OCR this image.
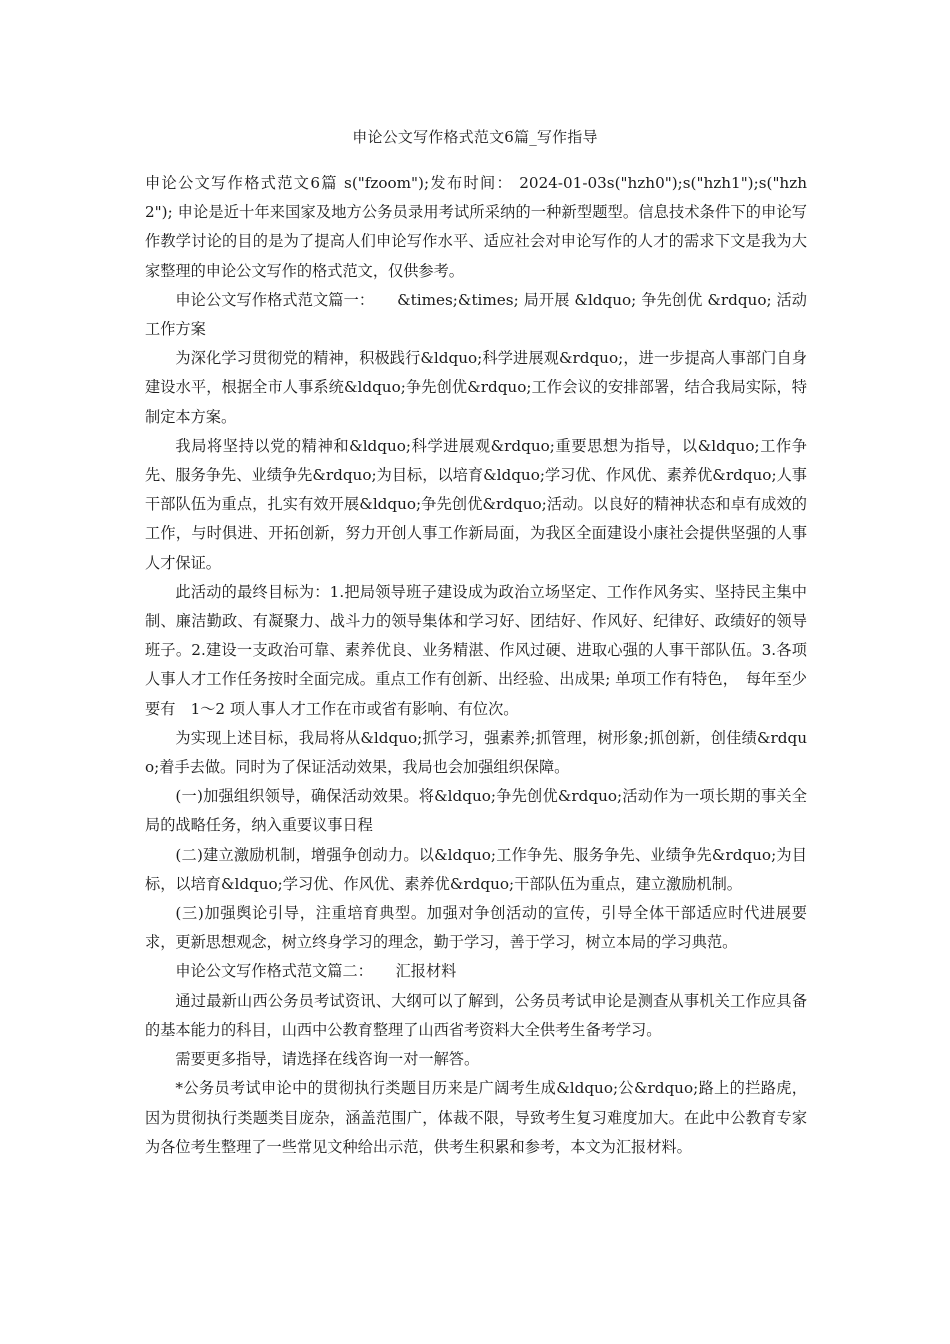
申论公文写作格式范文6篇_写作指导

申论公文写作格式范文6篇 s("fzoom");发布时间： 2024-01-03s("hzh0");s("hzh1");s("hzh2"); 申论是近十年来国家及地方公务员录用考试所采纳的一种新型题型。信息技术条件下的申论写作教学讨论的目的是为了提高人们申论写作水平、适应社会对申论写作的人才的需求下文是我为大家整理的申论公文写作的格式范文，仅供参考。

申论公文写作格式范文篇一：　　&times;&times; 局开展 &ldquo; 争先创优 &rdquo; 活动工作方案

为深化学习贯彻党的精神，积极践行&ldquo;科学进展观&rdquo;，进一步提高人事部门自身建设水平，根据全市人事系统&ldquo;争先创优&rdquo;工作会议的安排部署，结合我局实际，特制定本方案。

我局将坚持以党的精神和&ldquo;科学进展观&rdquo;重要思想为指导，以&ldquo;工作争先、服务争先、业绩争先&rdquo;为目标，以培育&ldquo;学习优、作风优、素养优&rdquo;人事干部队伍为重点，扎实有效开展&ldquo;争先创优&rdquo;活动。以良好的精神状态和卓有成效的工作，与时俱进、开拓创新，努力开创人事工作新局面，为我区全面建设小康社会提供坚强的人事人才保证。

此活动的最终目标为：1.把局领导班子建设成为政治立场坚定、工作作风务实、坚持民主集中制、廉洁勤政、有凝聚力、战斗力的领导集体和学习好、团结好、作风好、纪律好、政绩好的领导班子。2.建设一支政治可靠、素养优良、业务精湛、作风过硬、进取心强的人事干部队伍。3.各项人事人才工作任务按时全面完成。重点工作有创新、出经验、出成果; 单项工作有特色，　每年至少要有　1～2 项人事人才工作在市或省有影响、有位次。

为实现上述目标，我局将从&ldquo;抓学习，强素养;抓管理，树形象;抓创新，创佳绩&rdquo;着手去做。同时为了保证活动效果，我局也会加强组织保障。

(一)加强组织领导，确保活动效果。将&ldquo;争先创优&rdquo;活动作为一项长期的事关全局的战略任务，纳入重要议事日程

(二)建立激励机制，增强争创动力。以&ldquo;工作争先、服务争先、业绩争先&rdquo;为目标，以培育&ldquo;学习优、作风优、素养优&rdquo;干部队伍为重点，建立激励机制。

(三)加强舆论引导，注重培育典型。加强对争创活动的宣传，引导全体干部适应时代进展要求，更新思想观念，树立终身学习的理念，勤于学习，善于学习，树立本局的学习典范。

申论公文写作格式范文篇二：　　汇报材料

通过最新山西公务员考试资讯、大纲可以了解到，公务员考试申论是测查从事机关工作应具备的基本能力的科目，山西中公教育整理了山西省考资料大全供考生备考学习。

需要更多指导，请选择在线咨询一对一解答。

*公务员考试申论中的贯彻执行类题目历来是广阔考生成&ldquo;公&rdquo;路上的拦路虎，因为贯彻执行类题类目庞杂，涵盖范围广，体裁不限，导致考生复习难度加大。在此中公教育专家为各位考生整理了一些常见文种给出示范，供考生积累和参考，本文为汇报材料。
